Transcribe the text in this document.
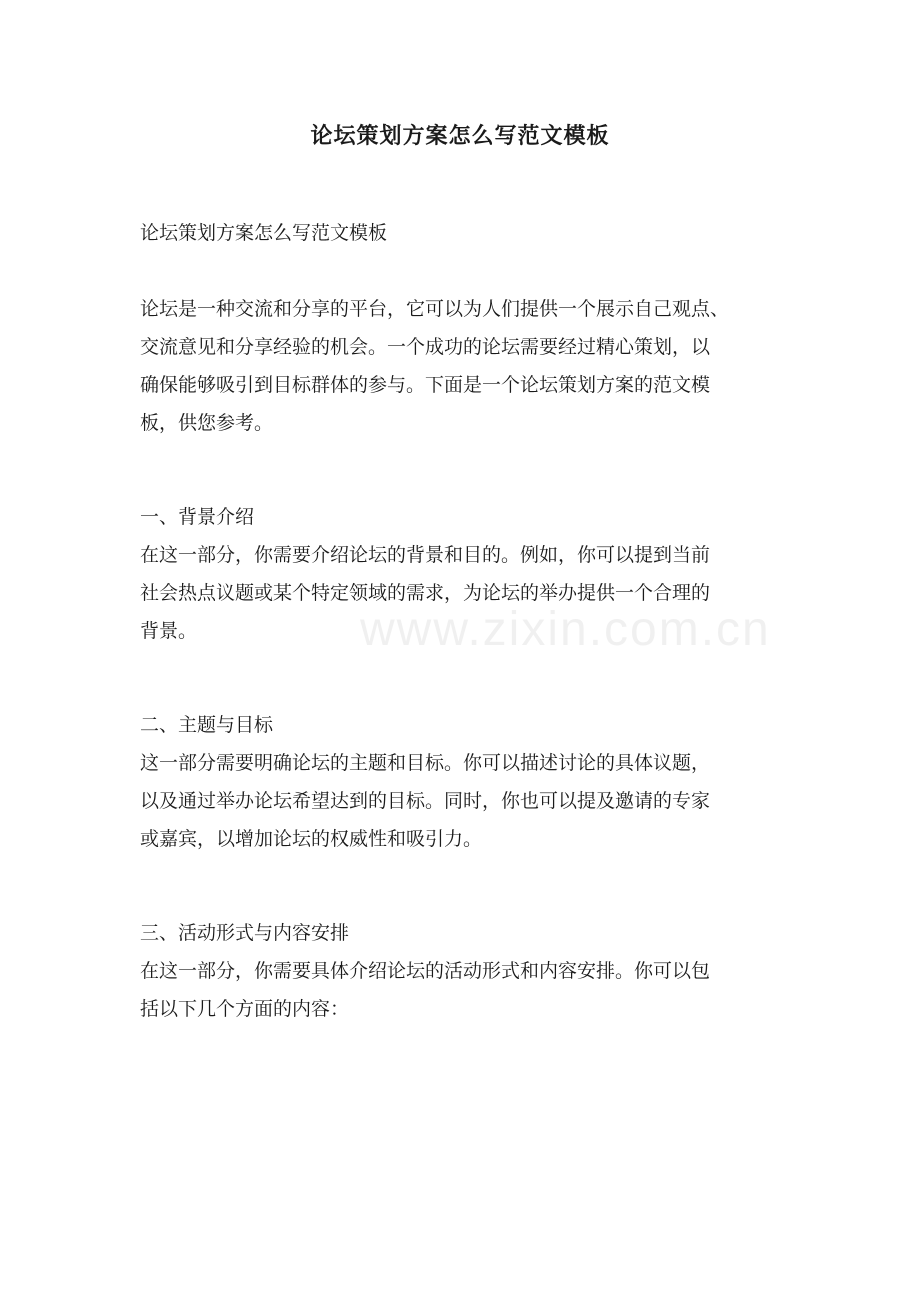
论坛策划方案怎么写范文模板

论坛策划方案怎么写范文模板

论坛是一种交流和分享的平台，它可以为人们提供一个展示自己观点、

交流意见和分享经验的机会。一个成功的论坛需要经过精心策划，以

确保能够吸引到目标群体的参与。下面是一个论坛策划方案的范文模

板，供您参考。

一、背景介绍

在这一部分，你需要介绍论坛的背景和目的。例如，你可以提到当前

社会热点议题或某个特定领域的需求，为论坛的举办提供一个合理的

背景。

二、主题与目标

这一部分需要明确论坛的主题和目标。你可以描述讨论的具体议题，

以及通过举办论坛希望达到的目标。同时，你也可以提及邀请的专家

或嘉宾，以增加论坛的权威性和吸引力。

三、活动形式与内容安排

在这一部分，你需要具体介绍论坛的活动形式和内容安排。你可以包

括以下几个方面的内容：

www.zixin.com.cn
